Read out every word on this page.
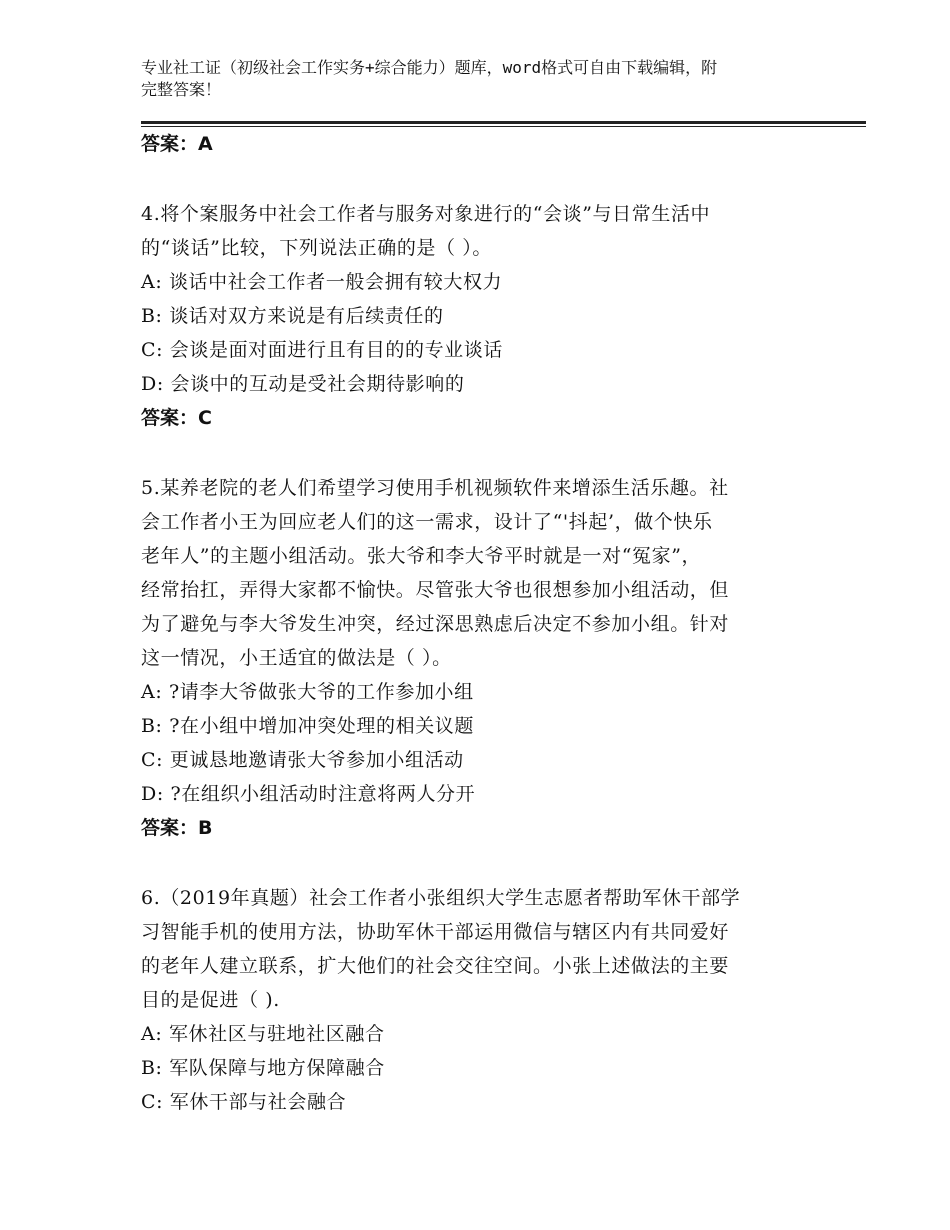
专业社工证（初级社会工作实务+综合能力）题库，word格式可自由下载编辑，附
完整答案！
答案：A
4.将个案服务中社会工作者与服务对象进行的“会谈”与日常生活中
的“谈话”比较，下列说法正确的是（ ）。
A: 谈话中社会工作者一般会拥有较大权力
B: 谈话对双方来说是有后续责任的
C: 会谈是面对面进行且有目的的专业谈话
D: 会谈中的互动是受社会期待影响的
答案：C
5.某养老院的老人们希望学习使用手机视频软件来增添生活乐趣。社
会工作者小王为回应老人们的这一需求，设计了“'抖起’，做个快乐
老年人”的主题小组活动。张大爷和李大爷平时就是一对“冤家”，
经常抬扛，弄得大家都不愉快。尽管张大爷也很想参加小组活动，但
为了避免与李大爷发生冲突，经过深思熟虑后决定不参加小组。针对
这一情况，小王适宜的做法是（ ）。
A: ?请李大爷做张大爷的工作参加小组
B: ?在小组中增加冲突处理的相关议题
C: 更诚恳地邀请张大爷参加小组活动
D: ?在组织小组活动时注意将两人分开
答案：B
6.（2019年真题）社会工作者小张组织大学生志愿者帮助军休干部学
习智能手机的使用方法，协助军休干部运用微信与辖区内有共同爱好
的老年人建立联系，扩大他们的社会交往空间。小张上述做法的主要
目的是促进（ ).
A: 军休社区与驻地社区融合
B: 军队保障与地方保障融合
C: 军休干部与社会融合
